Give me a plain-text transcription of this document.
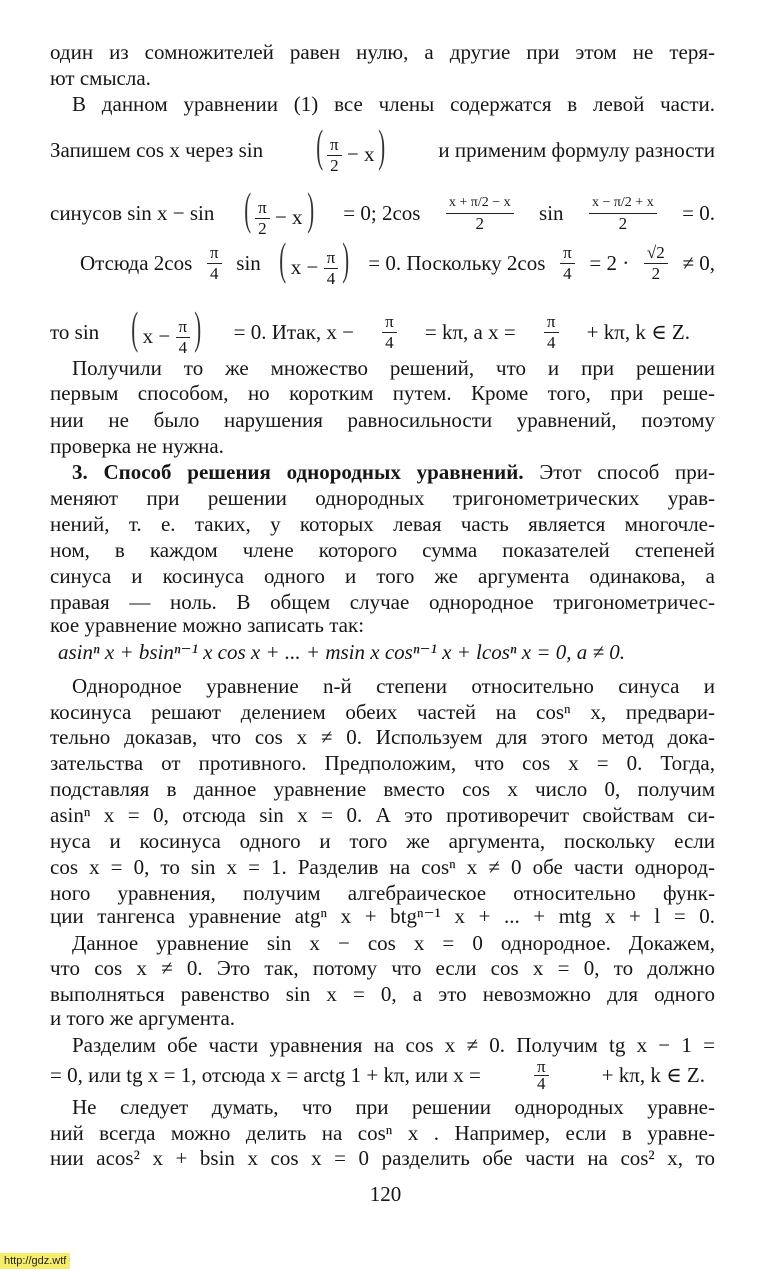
один из сомножителей равен нулю, а другие при этом не теря-
ют смысла.
В данном уравнении (1) все члены содержатся в левой части.
Запишем cos x через sin ( $\frac{\pi}{2} - x$)	и применим формулу разности
синусов sin x − sin ( $\frac{\pi}{2} - x) = 0$; $2\cos \frac{x + \pi/2 - x}{2}$ $\sin \frac{x - \pi/2 + x}{2} = 0$.
Отсюда $2\cos \frac{\pi}{4}$ sin ( $x - \frac{\pi}{4}$ ) = 0. Поскольку $2\cos \frac{\pi}{4} = 2 \cdot \frac{√2}{2} \ne 0$,
то sin ( $x - \frac{\pi}{4}$ ) = 0. Итак, $x - \frac{\pi}{4} = k\pi$, а $x = \frac{\pi}{4} + k\pi$, k ∈ Z.
Получили то же множество решений, что и при решении
первым способом, но коротким путем. Кроме того, при реше-
нии не было нарушения равносильности уравнений, поэтому
проверка не нужна.
3. Способ решения однородных уравнений. Этот способ при-
меняют при решении однородных тригонометрических урав-
нений, т. е. таких, у которых левая часть является многочле-
ном, в каждом члене которого сумма показателей степеней
синуса и косинуса одного и того же аргумента одинакова, а
правая — ноль. В общем случае однородное тригонометричес-
кое уравнение можно записать так:
asinⁿ x + bsinⁿ⁻¹ x cos x + ... + msin x cosⁿ⁻¹ x + lcosⁿ x = 0, a ≠ 0.
Однородное уравнение n-й степени относительно синуса и
косинуса решают делением обеих частей на cosⁿ x, предвари-
тельно доказав, что cos x ≠ 0. Используем для этого метод дока-
зательства от противного. Предположим, что cos x = 0. Тогда,
подставляя в данное уравнение вместо cos x число 0, получим
asinⁿ x = 0, отсюда sin x = 0. А это противоречит свойствам си-
нуса и косинуса одного и того же аргумента, поскольку если
cos x = 0, то sin x = 1. Разделив на cosⁿ x ≠ 0 обе части однород-
ного уравнения, получим алгебраическое относительно функ-
ции тангенса уравнение atgⁿ x + btgⁿ⁻¹ x + ... + mtg x + l = 0.
Данное уравнение sin x − cos x = 0 однородное. Докажем,
что cos x ≠ 0. Это так, потому что если cos x = 0, то должно
выполняться равенство sin x = 0, а это невозможно для одного
и того же аргумента.
Разделим обе части уравнения на cos x ≠ 0. Получим tg x − 1 =
= 0, или tg x = 1, отсюда x = arctg 1 + kπ, или x =	$\frac{\pi}{4}$	+ kπ, k ∈ Z.
Не следует думать, что при решении однородных уравне-
ний всегда можно делить на cosⁿ x . Например, если в уравне-
нии acos² x + bsin x cos x = 0 разделить обе части на cos² x, то
120
http://gdz.wtf
